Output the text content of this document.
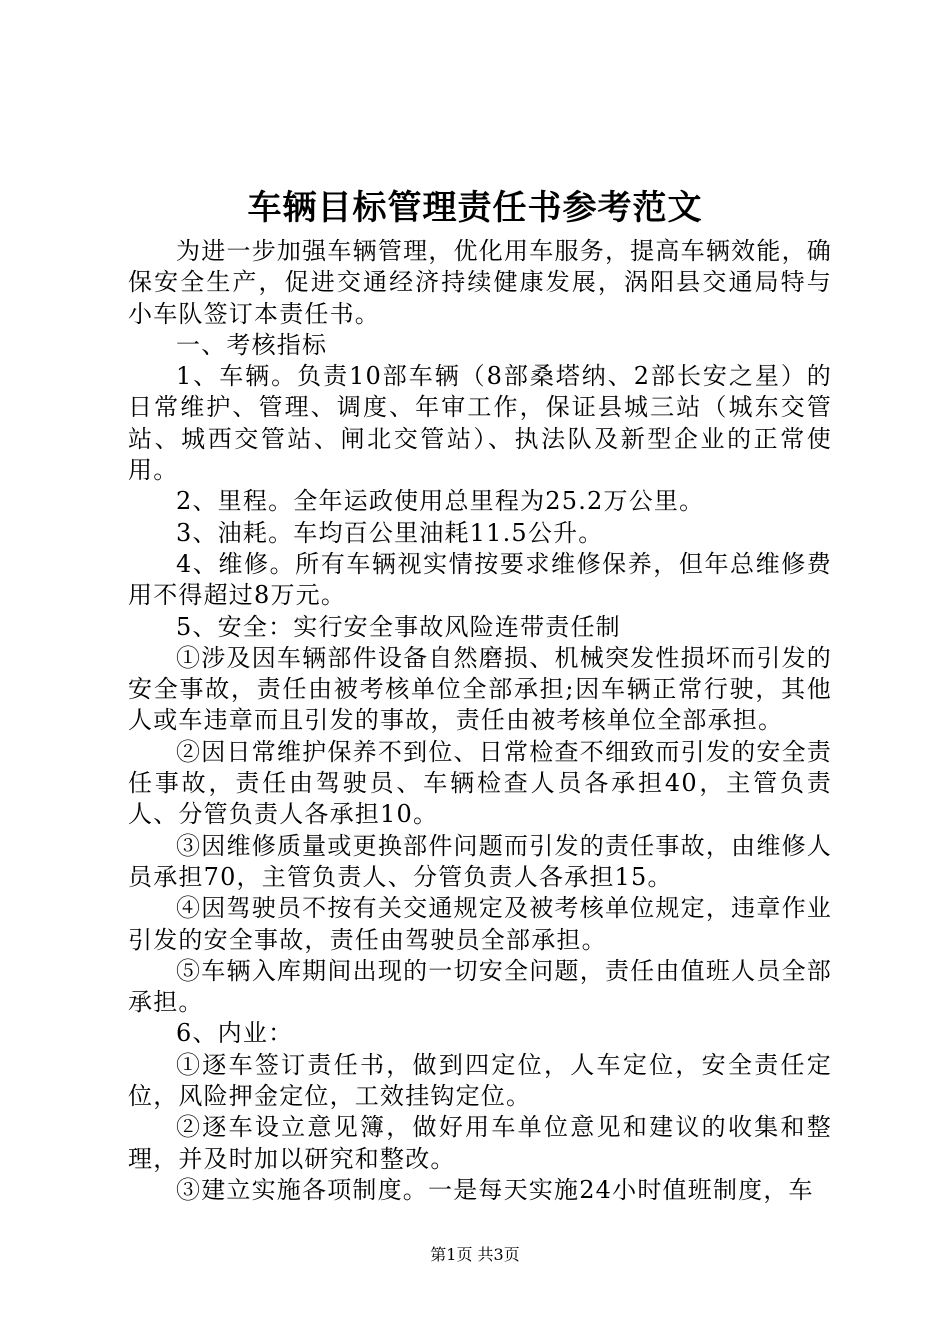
车辆目标管理责任书参考范文

为进一步加强车辆管理，优化用车服务，提高车辆效能，确保安全生产，促进交通经济持续健康发展，涡阳县交通局特与小车队签订本责任书。

一、考核指标

1、车辆。负责10部车辆（8部桑塔纳、2部长安之星）的日常维护、管理、调度、年审工作，保证县城三站（城东交管站、城西交管站、闸北交管站）、执法队及新型企业的正常使用。

2、里程。全年运政使用总里程为25.2万公里。

3、油耗。车均百公里油耗11.5公升。

4、维修。所有车辆视实情按要求维修保养，但年总维修费用不得超过8万元。

5、安全：实行安全事故风险连带责任制

①涉及因车辆部件设备自然磨损、机械突发性损坏而引发的安全事故，责任由被考核单位全部承担;因车辆正常行驶，其他人或车违章而且引发的事故，责任由被考核单位全部承担。

②因日常维护保养不到位、日常检查不细致而引发的安全责任事故，责任由驾驶员、车辆检查人员各承担40，主管负责人、分管负责人各承担10。

③因维修质量或更换部件问题而引发的责任事故，由维修人员承担70，主管负责人、分管负责人各承担15。

④因驾驶员不按有关交通规定及被考核单位规定，违章作业引发的安全事故，责任由驾驶员全部承担。

⑤车辆入库期间出现的一切安全问题，责任由值班人员全部承担。

6、内业：

①逐车签订责任书，做到四定位，人车定位，安全责任定位，风险押金定位，工效挂钩定位。

②逐车设立意见簿，做好用车单位意见和建议的收集和整理，并及时加以研究和整改。

③建立实施各项制度。一是每天实施24小时值班制度，车

第1页 共3页
